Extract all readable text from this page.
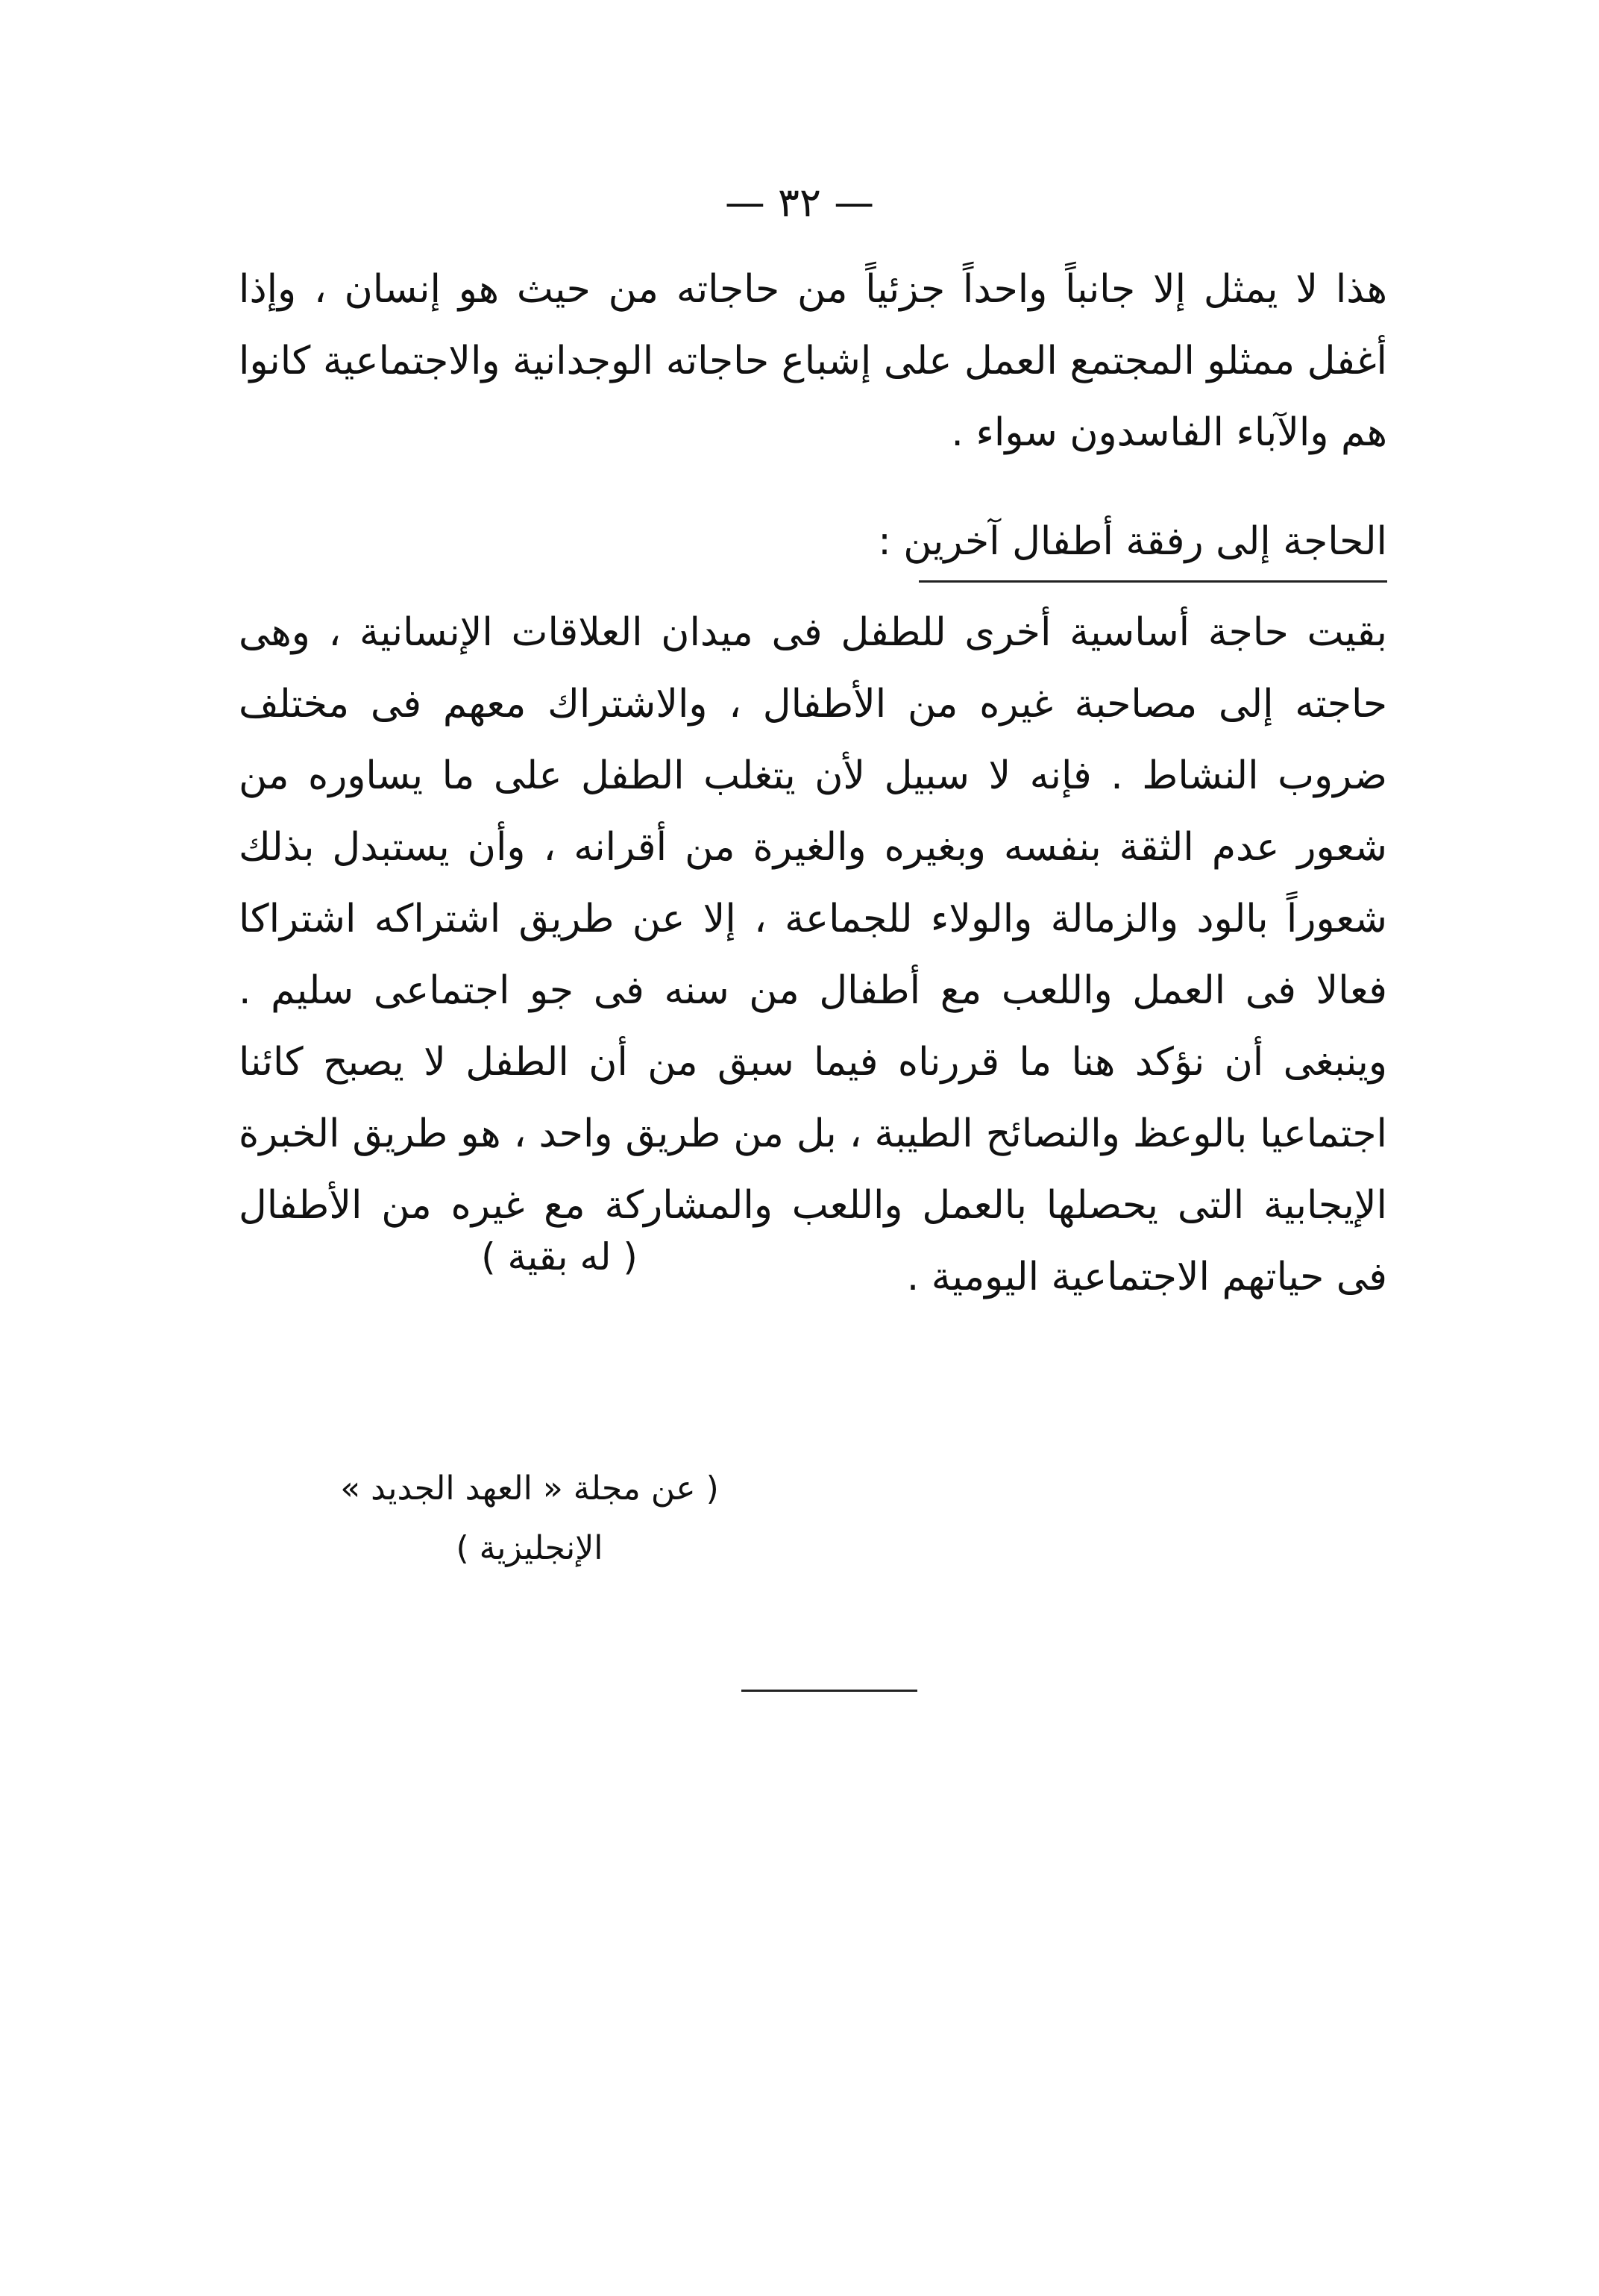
— ٣٢ —

هذا لا يمثل إلا جانباً واحداً جزئياً من حاجاته من حيث هو إنسان ، وإذا أغفل ممثلو المجتمع العمل على إشباع حاجاته الوجدانية والاجتماعية كانوا هم والآباء الفاسدون سواء .

الحاجة إلى رفقة أطفال آخرين :

بقيت حاجة أساسية أخرى للطفل فى ميدان العلاقات الإنسانية ، وهى حاجته إلى مصاحبة غيره من الأطفال ، والاشتراك معهم فى مختلف ضروب النشاط . فإنه لا سبيل لأن يتغلب الطفل على ما يساوره من شعور عدم الثقة بنفسه وبغيره والغيرة من أقرانه ، وأن يستبدل بذلك شعوراً بالود والزمالة والولاء للجماعة ، إلا عن طريق اشتراكه اشتراكا فعالا فى العمل واللعب مع أطفال من سنه فى جو اجتماعى سليم . وينبغى أن نؤكد هنا ما قررناه فيما سبق من أن الطفل لا يصبح كائنا اجتماعيا بالوعظ والنصائح الطيبة ، بل من طريق واحد ، هو طريق الخبرة الإيجابية التى يحصلها بالعمل واللعب والمشاركة مع غيره من الأطفال فى حياتهم الاجتماعية اليومية .

( له بقية )
( عن مجلة « العهد الجديد » الإنجليزية )
